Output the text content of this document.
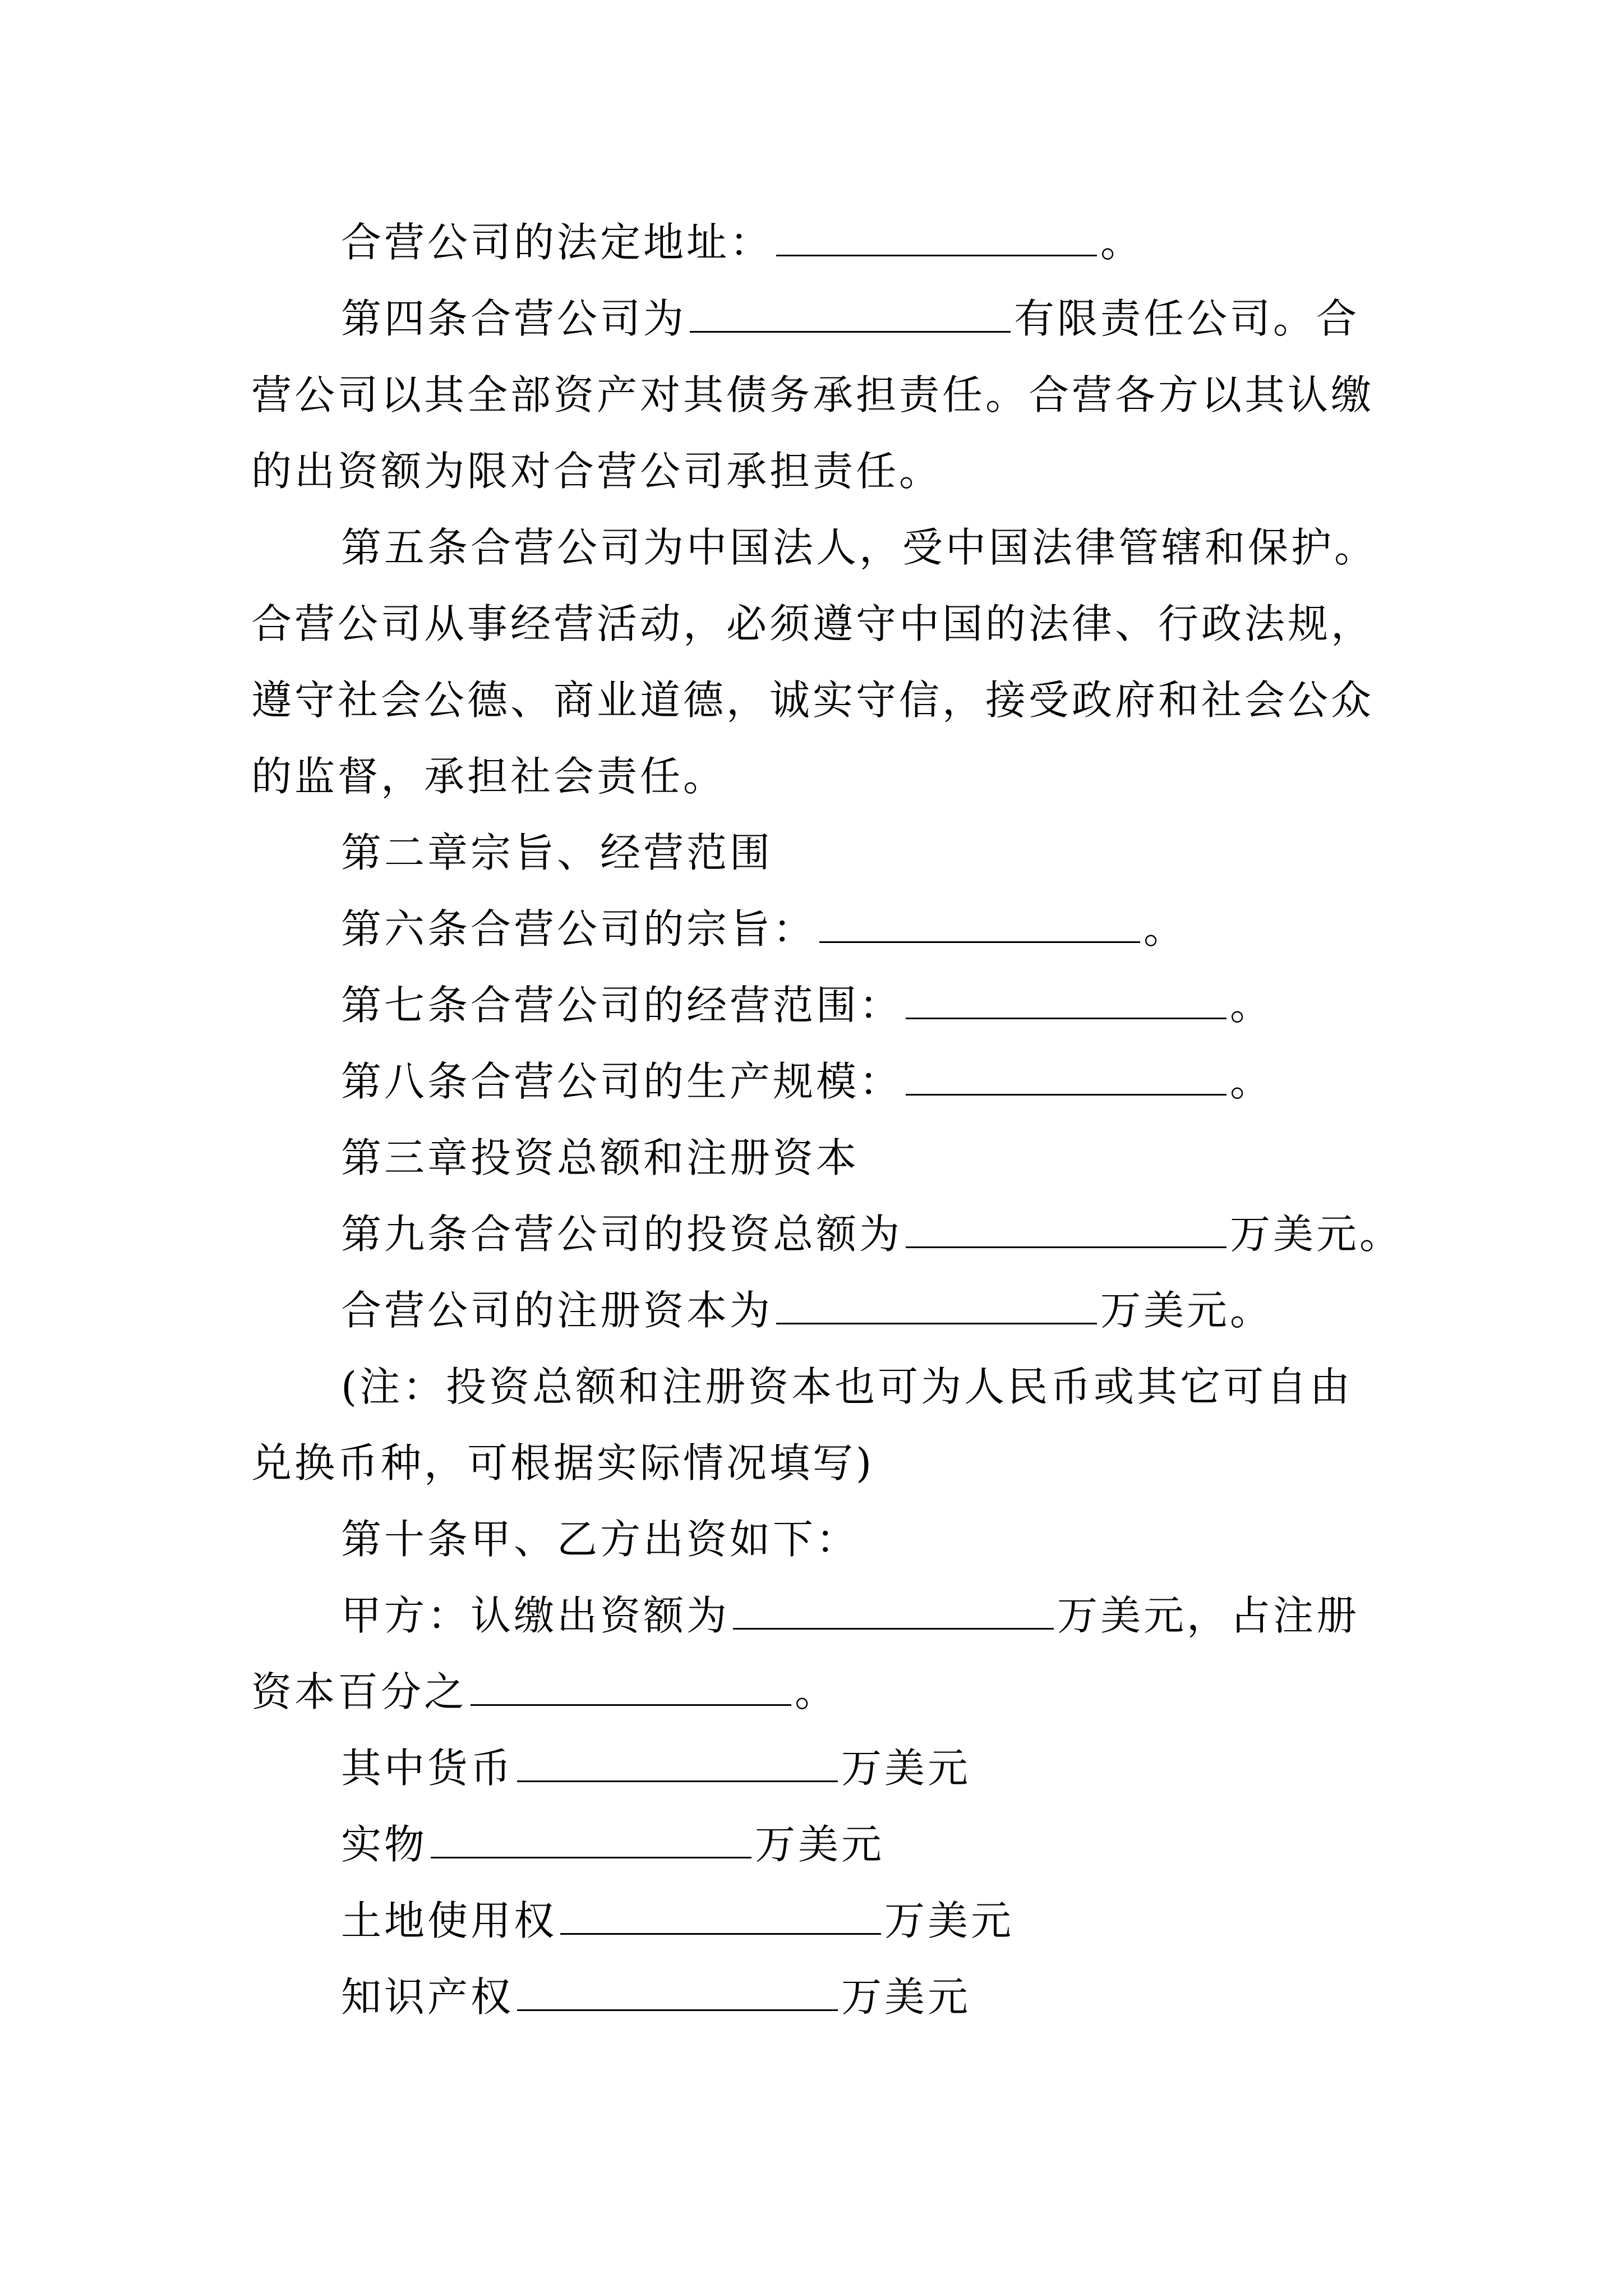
合营公司的法定地址：	。
第四条合营公司为	有限责任公司。合
营公司以其全部资产对其债务承担责任。合营各方以其认缴
的出资额为限对合营公司承担责任。
第五条合营公司为中国法人，受中国法律管辖和保护。
合营公司从事经营活动，必须遵守中国的法律、行政法规，
遵守社会公德、商业道德，诚实守信，接受政府和社会公众
的监督，承担社会责任。
第二章宗旨、经营范围
第六条合营公司的宗旨：	。
第七条合营公司的经营范围：	。
第八条合营公司的生产规模：	。
第三章投资总额和注册资本
第九条合营公司的投资总额为	万美元。
合营公司的注册资本为	万美元。
(注：投资总额和注册资本也可为人民币或其它可自由
兑换币种，可根据实际情况填写)
第十条甲、乙方出资如下：
甲方：认缴出资额为	万美元，占注册
资本百分之	。
其中货币	万美元
实物	万美元
土地使用权	万美元
知识产权	万美元
